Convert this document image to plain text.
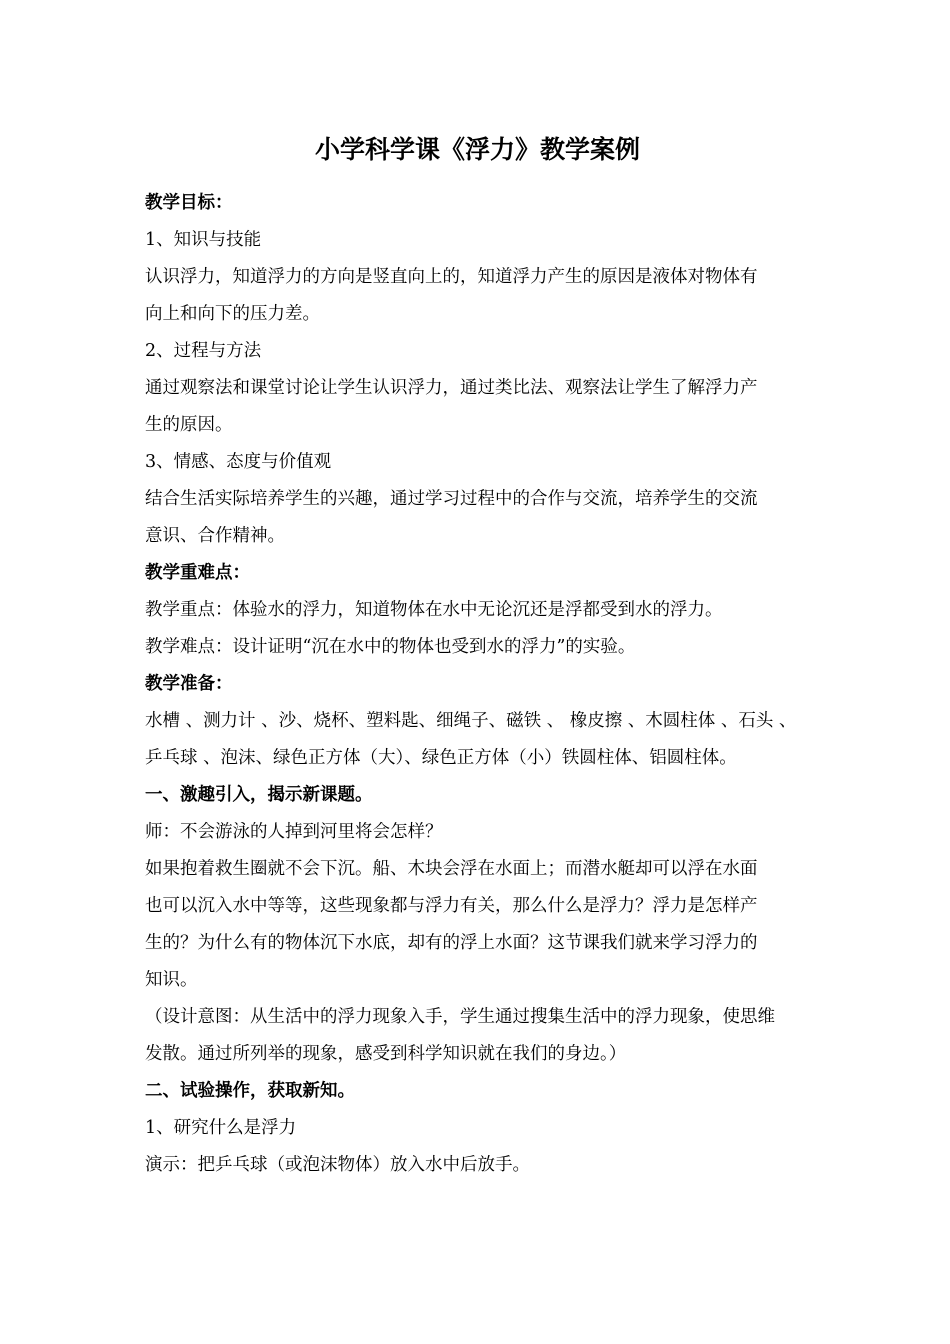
小学科学课《浮力》教学案例
教学目标：
1、知识与技能
认识浮力，知道浮力的方向是竖直向上的，知道浮力产生的原因是液体对物体有
向上和向下的压力差。
2、过程与方法
通过观察法和课堂讨论让学生认识浮力，通过类比法、观察法让学生了解浮力产
生的原因。
3、情感、态度与价值观
结合生活实际培养学生的兴趣，通过学习过程中的合作与交流，培养学生的交流
意识、合作精神。
教学重难点：
教学重点：体验水的浮力，知道物体在水中无论沉还是浮都受到水的浮力。
教学难点：设计证明“沉在水中的物体也受到水的浮力”的实验。
教学准备：
水槽 、测力计 、沙、烧杯、塑料匙、细绳子、磁铁 、 橡皮擦 、木圆柱体 、石头 、
乒乓球 、泡沫、绿色正方体（大）、绿色正方体（小）铁圆柱体、铝圆柱体。
一、激趣引入，揭示新课题。
师：不会游泳的人掉到河里将会怎样？
如果抱着救生圈就不会下沉。船、木块会浮在水面上；而潜水艇却可以浮在水面
也可以沉入水中等等，这些现象都与浮力有关，那么什么是浮力？浮力是怎样产
生的？为什么有的物体沉下水底，却有的浮上水面？这节课我们就来学习浮力的
知识。
（设计意图：从生活中的浮力现象入手，学生通过搜集生活中的浮力现象，使思维
发散。通过所列举的现象，感受到科学知识就在我们的身边。）
二、试验操作，获取新知。
1、研究什么是浮力
演示：把乒乓球（或泡沫物体）放入水中后放手。
